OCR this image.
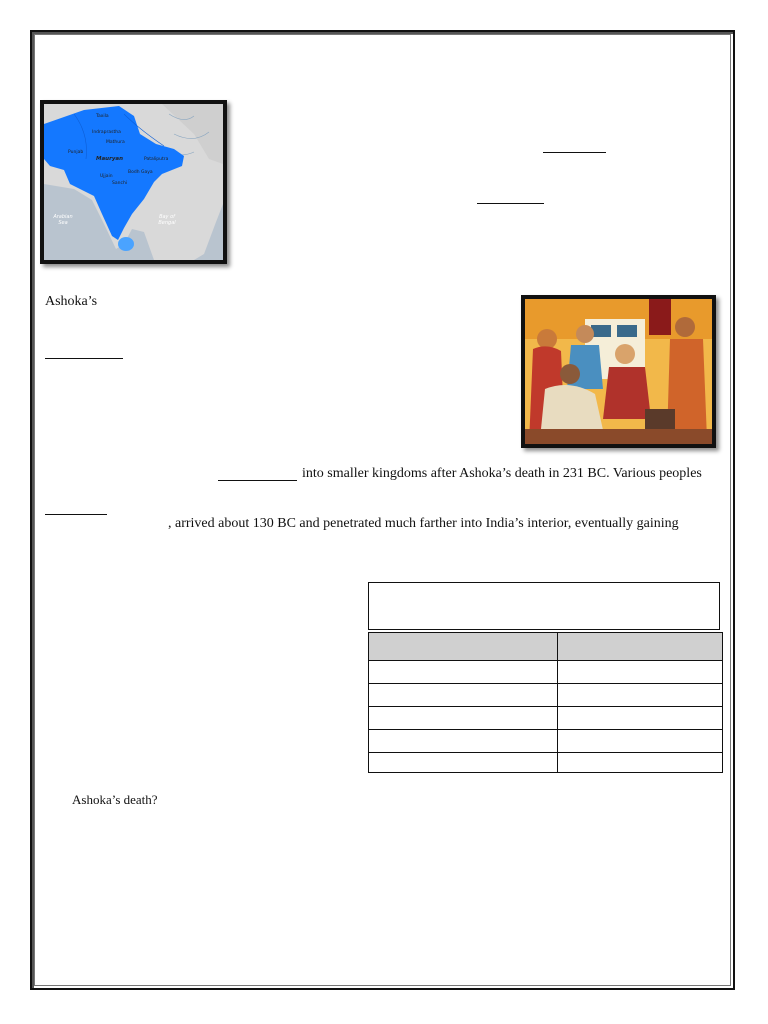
Taxila
Indraprastha
Mathura
Punjab
Mauryan	Pataliputra
Bodh Gaya
Ujjain
Sanchi
Arabian Sea
Bay of Bengal
Ashoka’s
into smaller kingdoms after Ashoka’s death in 231 BC. Various peoples
, arrived about 130 BC and penetrated much farther into India’s interior, eventually gaining

Ashoka’s death?
